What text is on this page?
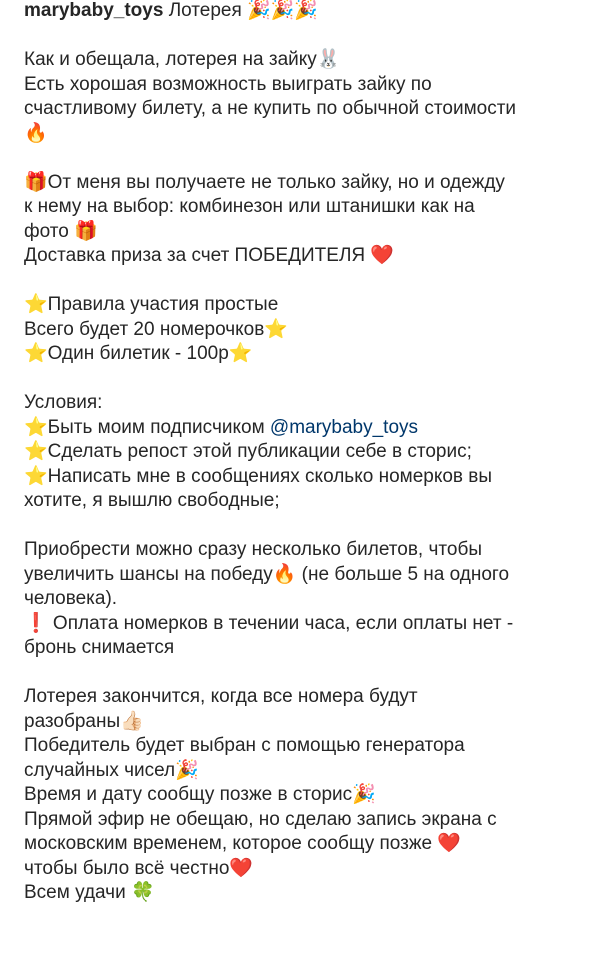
marybaby_toys Лотерея 🎉🎉🎉
Как и обещала, лотерея на зайку🐰
Есть хорошая возможность выиграть зайку по
счастливому билету, а не купить по обычной стоимости
🔥
🎁От меня вы получаете не только зайку, но и одежду
к нему на выбор: комбинезон или штанишки как на
фото 🎁
Доставка приза за счет ПОБЕДИТЕЛЯ ❤️
⭐️Правила участия простые
Всего будет 20 номерочков⭐️
⭐️Один билетик - 100р⭐️
Условия:
⭐️Быть моим подписчиком @marybaby_toys
⭐️Сделать репост этой публикации себе в сторис;
⭐️Написать мне в сообщениях сколько номерков вы
хотите, я вышлю свободные;
Приобрести можно сразу несколько билетов, чтобы
увеличить шансы на победу🔥 (не больше 5 на одного
человека).
❗️ Оплата номерков в течении часа, если оплаты нет -
бронь снимается
Лотерея закончится, когда все номера будут
разобраны👍🏻
Победитель будет выбран с помощью генератора
случайных чисел🎉
Время и дату сообщу позже в сторис🎉
Прямой эфир не обещаю, но сделаю запись экрана с
московским временем, которое сообщу позже ❤️
чтобы было всё честно❤️
Всем удачи 🍀
